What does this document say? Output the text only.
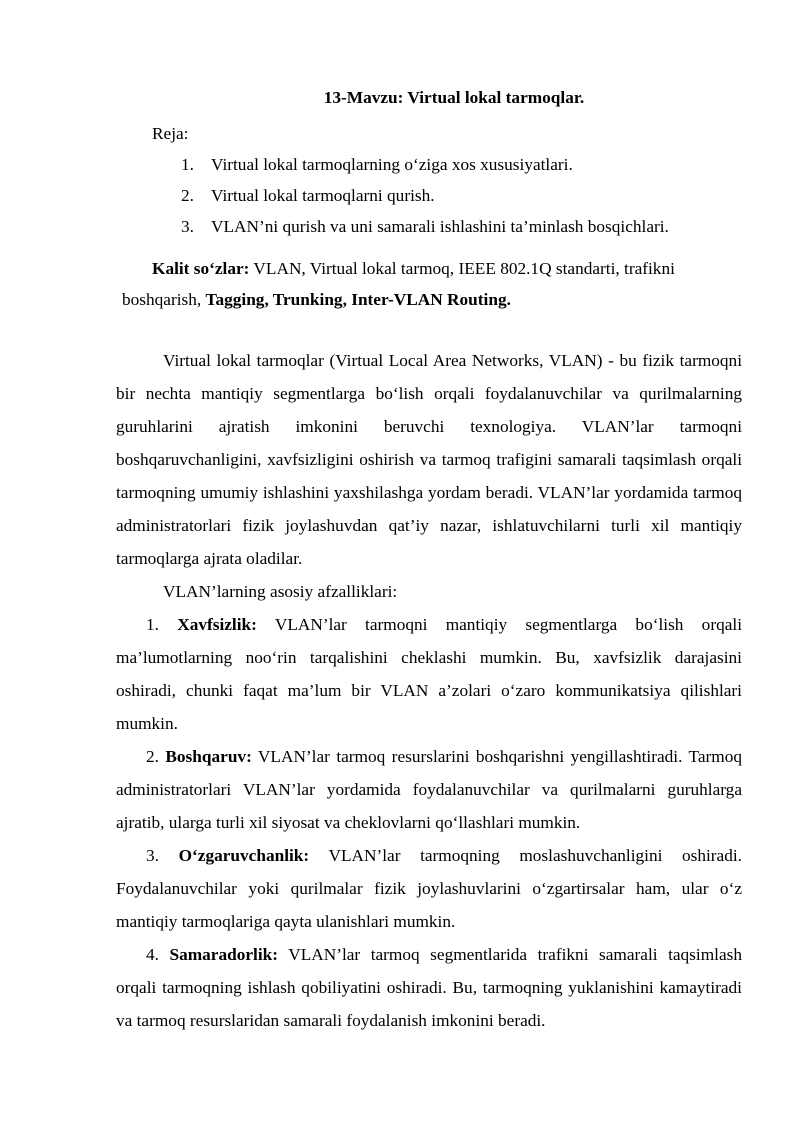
13-Mavzu: Virtual lokal tarmoqlar.
Reja:
1. Virtual lokal tarmoqlarning o‘ziga xos xususiyatlari.
2. Virtual lokal tarmoqlarni qurish.
3. VLAN’ni qurish va uni samarali ishlashini ta’minlash bosqichlari.
Kalit so‘zlar: VLAN, Virtual lokal tarmoq, IEEE 802.1Q standarti, trafikni
boshqarish, Tagging, Trunking, Inter-VLAN Routing.

Virtual lokal tarmoqlar (Virtual Local Area Networks, VLAN) - bu fizik tarmoqni bir nechta mantiqiy segmentlarga bo‘lish orqali foydalanuvchilar va qurilmalarning guruhlarini ajratish imkonini beruvchi texnologiya. VLAN’lar tarmoqni boshqaruvchanligini, xavfsizligini oshirish va tarmoq trafigini samarali taqsimlash orqali tarmoqning umumiy ishlashini yaxshilashga yordam beradi. VLAN’lar yordamida tarmoq administratorlari fizik joylashuvdan qat’iy nazar, ishlatuvchilarni turli xil mantiqiy tarmoqlarga ajrata oladilar.

VLAN’larning asosiy afzalliklari:

1. Xavfsizlik: VLAN’lar tarmoqni mantiqiy segmentlarga bo‘lish orqali ma’lumotlarning noo‘rin tarqalishini cheklashi mumkin. Bu, xavfsizlik darajasini oshiradi, chunki faqat ma’lum bir VLAN a’zolari o‘zaro kommunikatsiya qilishlari mumkin.

2. Boshqaruv: VLAN’lar tarmoq resurslarini boshqarishni yengillashtiradi. Tarmoq administratorlari VLAN’lar yordamida foydalanuvchilar va qurilmalarni guruhlarga ajratib, ularga turli xil siyosat va cheklovlarni qo‘llashlari mumkin.

3. O‘zgaruvchanlik: VLAN’lar tarmoqning moslashuvchanligini oshiradi. Foydalanuvchilar yoki qurilmalar fizik joylashuvlarini o‘zgartirsalar ham, ular o‘z mantiqiy tarmoqlariga qayta ulanishlari mumkin.

4. Samaradorlik: VLAN’lar tarmoq segmentlarida trafikni samarali taqsimlash orqali tarmoqning ishlash qobiliyatini oshiradi. Bu, tarmoqning yuklanishini kamaytiradi va tarmoq resurslaridan samarali foydalanish imkonini beradi.
